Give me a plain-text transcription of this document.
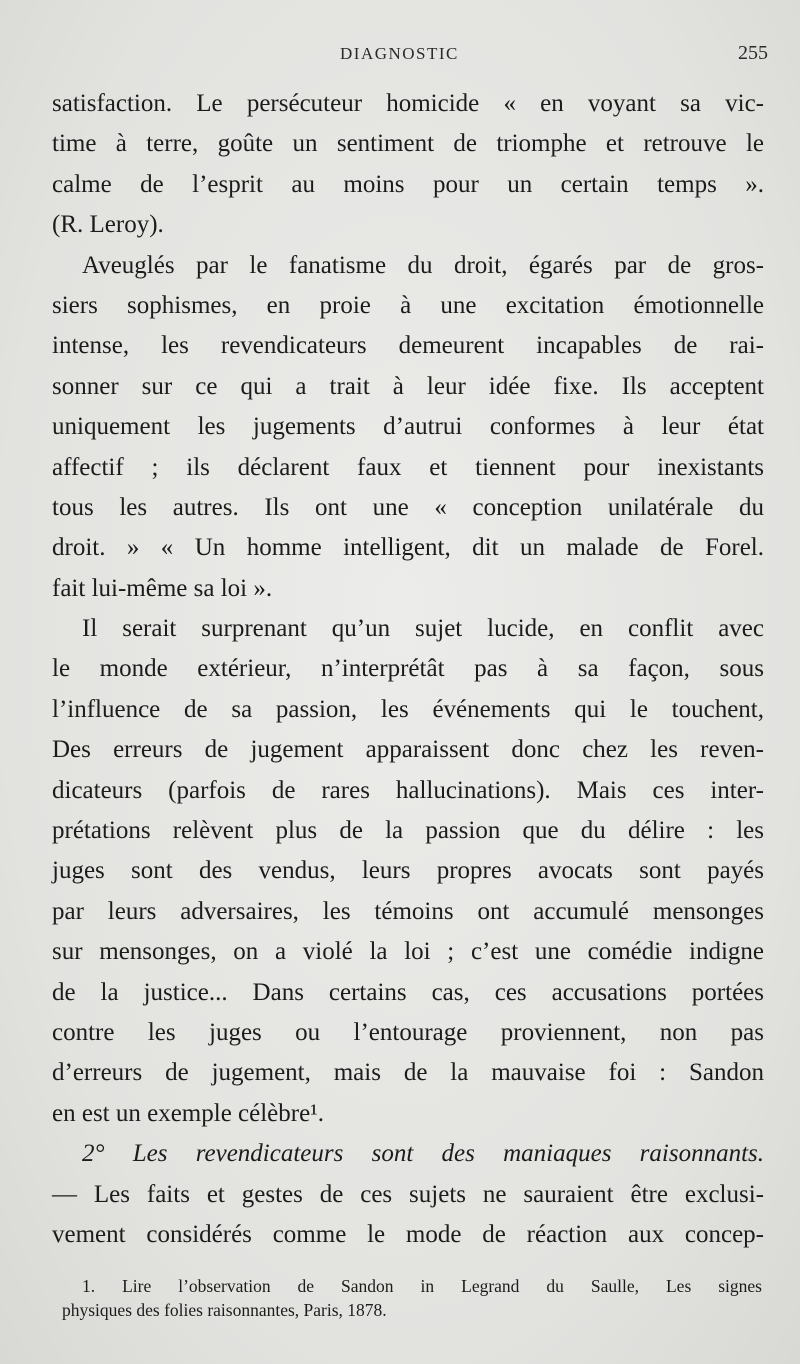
DIAGNOSTIC	255
satisfaction. Le persécuteur homicide « en voyant sa vic-
time à terre, goûte un sentiment de triomphe et retrouve le
calme de l’esprit au moins pour un certain temps ».
(R. Leroy).
Aveuglés par le fanatisme du droit, égarés par de gros-
siers sophismes, en proie à une excitation émotionnelle
intense, les revendicateurs demeurent incapables de rai-
sonner sur ce qui a trait à leur idée fixe. Ils acceptent
uniquement les jugements d’autrui conformes à leur état
affectif ; ils déclarent faux et tiennent pour inexistants
tous les autres. Ils ont une « conception unilatérale du
droit. » « Un homme intelligent, dit un malade de Forel.
fait lui-même sa loi ».
Il serait surprenant qu’un sujet lucide, en conflit avec
le monde extérieur, n’interprétât pas à sa façon, sous
l’influence de sa passion, les événements qui le touchent,
Des erreurs de jugement apparaissent donc chez les reven-
dicateurs (parfois de rares hallucinations). Mais ces inter-
prétations relèvent plus de la passion que du délire : les
juges sont des vendus, leurs propres avocats sont payés
par leurs adversaires, les témoins ont accumulé mensonges
sur mensonges, on a violé la loi ; c’est une comédie indigne
de la justice... Dans certains cas, ces accusations portées
contre les juges ou l’entourage proviennent, non pas
d’erreurs de jugement, mais de la mauvaise foi : Sandon
en est un exemple célèbre¹.
2° Les revendicateurs sont des maniaques raisonnants.
— Les faits et gestes de ces sujets ne sauraient être exclusi-
vement considérés comme le mode de réaction aux concep-
1. Lire l’observation de Sandon in Legrand du Saulle, Les signes
physiques des folies raisonnantes, Paris, 1878.
